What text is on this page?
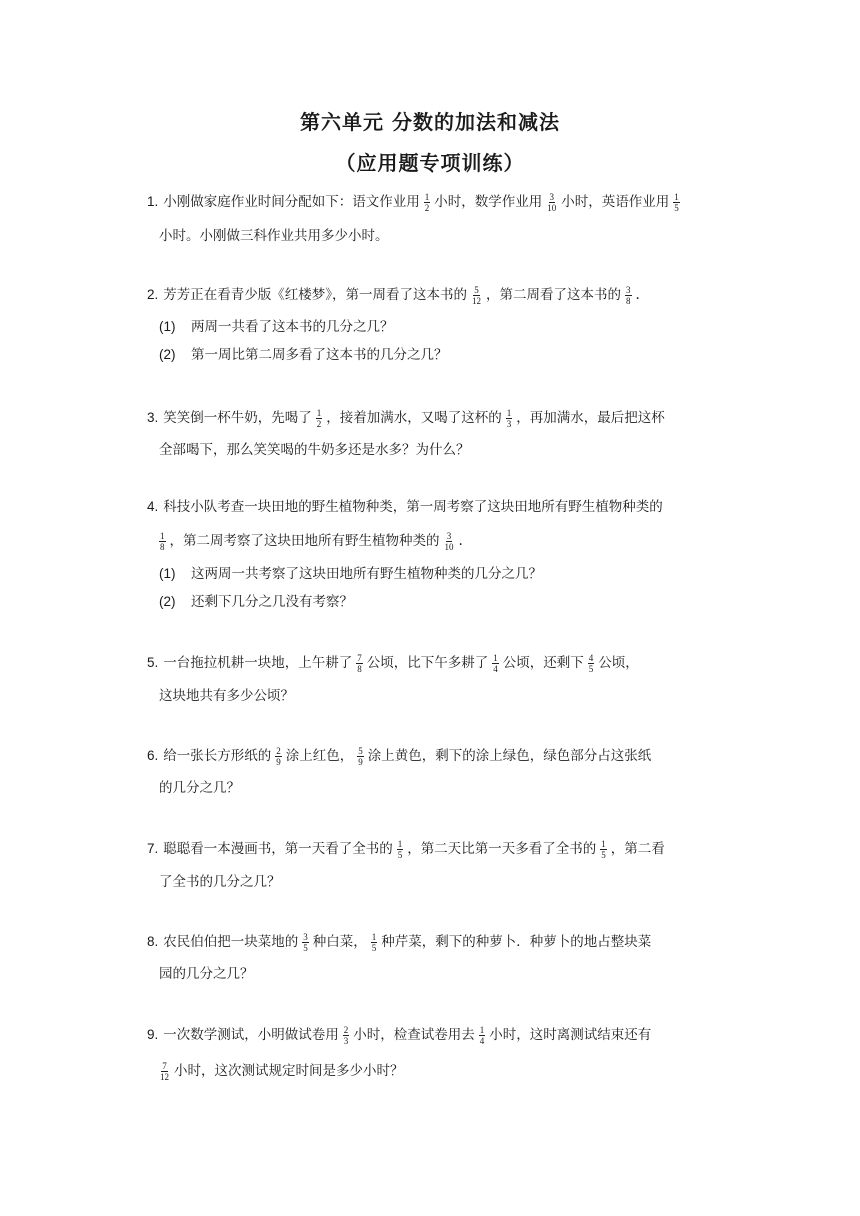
第六单元 分数的加法和减法
（应用题专项训练）
1. 小刚做家庭作业时间分配如下：语文作业用 $\frac{1}{2}$ 小时，数学作业用 $\frac{3}{10}$ 小时，英语作业用 $\frac{1}{5}$
小时。小刚做三科作业共用多少小时。
2. 芳芳正在看青少版《红楼梦》，第一周看了这本书的 $\frac{5}{12}$ ，第二周看了这本书的 $\frac{3}{8}$ .
(1) 两周一共看了这本书的几分之几？
(2) 第一周比第二周多看了这本书的几分之几？
3. 笑笑倒一杯牛奶，先喝了 $\frac{1}{2}$ ，接着加满水，又喝了这杯的 $\frac{1}{3}$ ，再加满水，最后把这杯
全部喝下，那么笑笑喝的牛奶多还是水多？为什么？
4. 科技小队考查一块田地的野生植物种类，第一周考察了这块田地所有野生植物种类的
$\frac{1}{8}$ ，第二周考察了这块田地所有野生植物种类的 $\frac{3}{10}$ .
(1) 这两周一共考察了这块田地所有野生植物种类的几分之几？
(2) 还剩下几分之几没有考察？
5. 一台拖拉机耕一块地，上午耕了 $\frac{7}{8}$ 公顷，比下午多耕了 $\frac{1}{4}$ 公顷，还剩下 $\frac{4}{5}$ 公顷，
这块地共有多少公顷？
6. 给一张长方形纸的 $\frac{2}{9}$ 涂上红色， $\frac{5}{9}$ 涂上黄色，剩下的涂上绿色，绿色部分占这张纸
的几分之几？
7. 聪聪看一本漫画书，第一天看了全书的 $\frac{1}{5}$ ，第二天比第一天多看了全书的 $\frac{1}{5}$ ，第二看
了全书的几分之几？
8. 农民伯伯把一块菜地的 $\frac{3}{5}$ 种白菜， $\frac{1}{5}$ 种芹菜，剩下的种萝卜．种萝卜的地占整块菜
园的几分之几？
9. 一次数学测试，小明做试卷用 $\frac{2}{3}$ 小时，检查试卷用去 $\frac{1}{4}$ 小时，这时离测试结束还有
$\frac{7}{12}$ 小时，这次测试规定时间是多少小时？
